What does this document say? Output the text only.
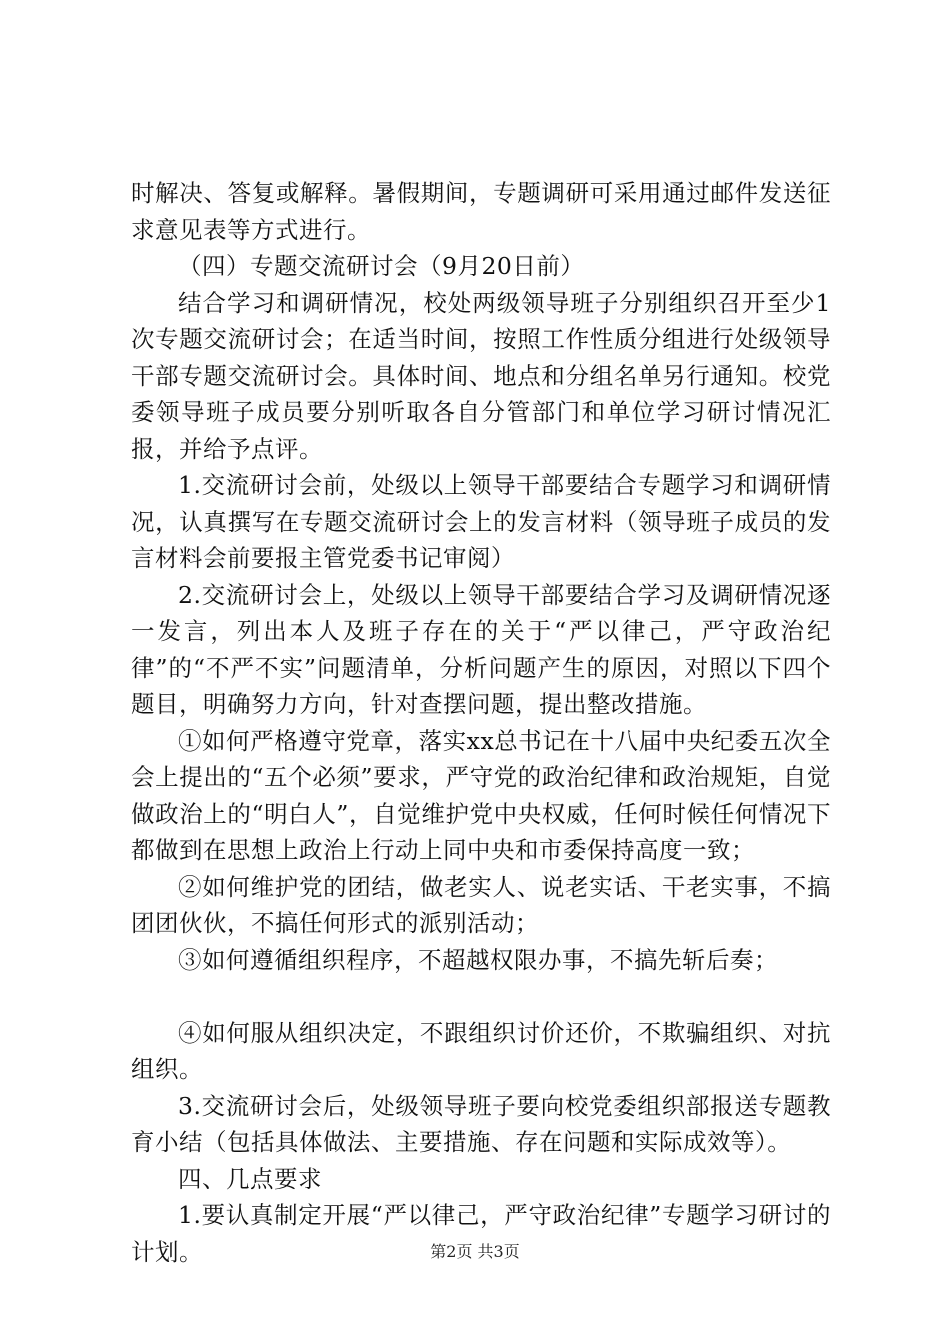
时解决、答复或解释。暑假期间，专题调研可采用通过邮件发送征求意见表等方式进行。

（四）专题交流研讨会（9月20日前）

结合学习和调研情况，校处两级领导班子分别组织召开至少1次专题交流研讨会；在适当时间，按照工作性质分组进行处级领导干部专题交流研讨会。具体时间、地点和分组名单另行通知。校党委领导班子成员要分别听取各自分管部门和单位学习研讨情况汇报，并给予点评。

1.交流研讨会前，处级以上领导干部要结合专题学习和调研情况，认真撰写在专题交流研讨会上的发言材料（领导班子成员的发言材料会前要报主管党委书记审阅）

2.交流研讨会上，处级以上领导干部要结合学习及调研情况逐一发言，列出本人及班子存在的关于“严以律己，严守政治纪律”的“不严不实”问题清单，分析问题产生的原因，对照以下四个题目，明确努力方向，针对查摆问题，提出整改措施。

①如何严格遵守党章，落实xx总书记在十八届中央纪委五次全会上提出的“五个必须”要求，严守党的政治纪律和政治规矩，自觉做政治上的“明白人”，自觉维护党中央权威，任何时候任何情况下都做到在思想上政治上行动上同中央和市委保持高度一致；

②如何维护党的团结，做老实人、说老实话、干老实事，不搞团团伙伙，不搞任何形式的派别活动；

③如何遵循组织程序，不超越权限办事，不搞先斩后奏；

④如何服从组织决定，不跟组织讨价还价，不欺骗组织、对抗组织。

3.交流研讨会后，处级领导班子要向校党委组织部报送专题教育小结（包括具体做法、主要措施、存在问题和实际成效等）。

四、几点要求

1.要认真制定开展“严以律己，严守政治纪律”专题学习研讨的计划。	第2页 共3页
